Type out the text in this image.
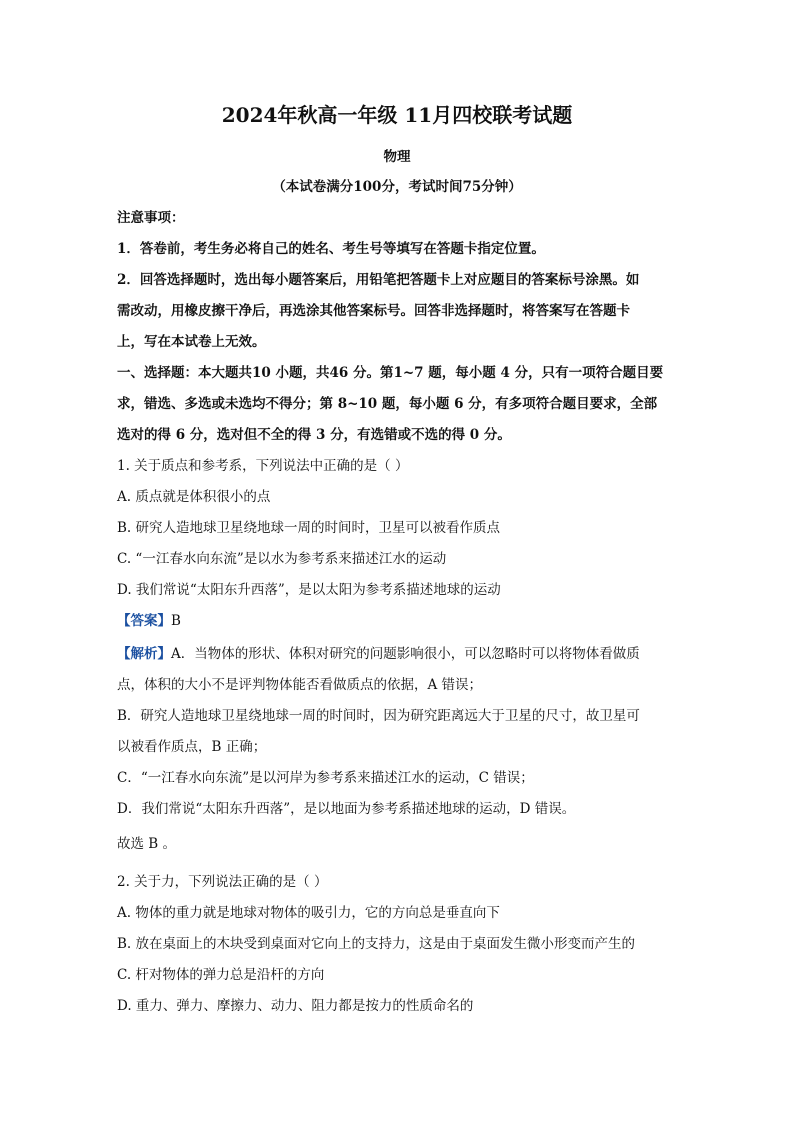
2024年秋高一年级 11月四校联考试题
物理
（本试卷满分100分，考试时间75分钟）
注意事项：
1．答卷前，考生务必将自己的姓名、考生号等填写在答题卡指定位置。
2．回答选择题时，选出每小题答案后，用铅笔把答题卡上对应题目的答案标号涂黑。如
需改动，用橡皮擦干净后，再选涂其他答案标号。回答非选择题时，将答案写在答题卡
上，写在本试卷上无效。
一、选择题：本大题共10 小题，共46 分。第1~7 题，每小题 4 分，只有一项符合题目要
求，错选、多选或未选均不得分；第 8~10 题，每小题 6 分，有多项符合题目要求，全部
选对的得 6 分，选对但不全的得 3 分，有选错或不选的得 0 分。
1. 关于质点和参考系，下列说法中正确的是（ ）
A. 质点就是体积很小的点
B. 研究人造地球卫星绕地球一周的时间时，卫星可以被看作质点
C. “一江春水向东流”是以水为参考系来描述江水的运动
D. 我们常说“太阳东升西落”，是以太阳为参考系描述地球的运动
【答案】B
【解析】A．当物体的形状、体积对研究的问题影响很小，可以忽略时可以将物体看做质
点，体积的大小不是评判物体能否看做质点的依据，A 错误；
B．研究人造地球卫星绕地球一周的时间时，因为研究距离远大于卫星的尺寸，故卫星可
以被看作质点，B 正确；
C．“一江春水向东流”是以河岸为参考系来描述江水的运动，C 错误；
D．我们常说“太阳东升西落”，是以地面为参考系描述地球的运动，D 错误。
故选 B 。
2. 关于力，下列说法正确的是（ ）
A. 物体的重力就是地球对物体的吸引力，它的方向总是垂直向下
B. 放在桌面上的木块受到桌面对它向上的支持力，这是由于桌面发生微小形变而产生的
C. 杆对物体的弹力总是沿杆的方向
D. 重力、弹力、摩擦力、动力、阻力都是按力的性质命名的
